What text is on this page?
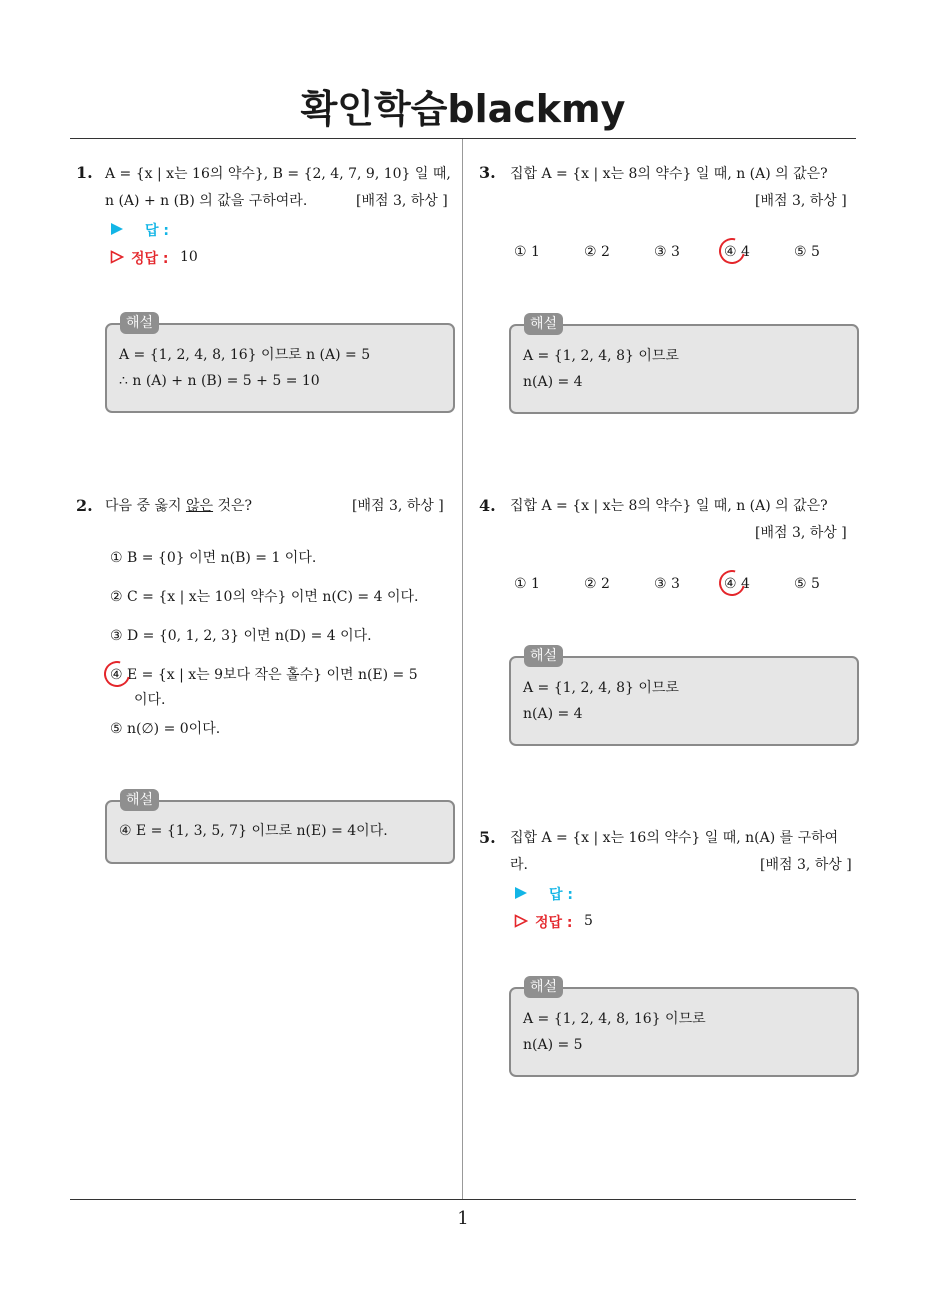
확인학습blackmy
1
1. A = {x | x는 16의 약수}, B = {2, 4, 7, 9, 10} 일 때,
n (A) + n (B) 의 값을 구하여라.	[배점 3, 하상 ]
답 :
정답 : 10
A = {1, 2, 4, 8, 16} 이므로 n (A) = 5
∴ n (A) + n (B) = 5 + 5 = 10
해설
2. 다음 중 옳지 않은 것은?	[배점 3, 하상 ]
① B = {0} 이면 n(B) = 1 이다.
② C = {x | x는 10의 약수} 이면 n(C) = 4 이다.
③ D = {0, 1, 2, 3} 이면 n(D) = 4 이다.
④ E = {x | x는 9보다 작은 홀수} 이면 n(E) = 5
이다.
⑤ n(∅) = 0이다.
④ E = {1, 3, 5, 7} 이므로 n(E) = 4이다.
해설
3. 집합 A = {x | x는 8의 약수} 일 때, n (A) 의 값은?
[배점 3, 하상 ]
① 1	② 2	③ 3	④ 4	⑤ 5
A = {1, 2, 4, 8} 이므로
n(A) = 4
해설
4. 집합 A = {x | x는 8의 약수} 일 때, n (A) 의 값은?
[배점 3, 하상 ]
① 1	② 2	③ 3	④ 4	⑤ 5
A = {1, 2, 4, 8} 이므로
n(A) = 4
해설
5. 집합 A = {x | x는 16의 약수} 일 때, n(A) 를 구하여
라.	[배점 3, 하상 ]
답 :
정답 : 5
A = {1, 2, 4, 8, 16} 이므로
n(A) = 5
해설
